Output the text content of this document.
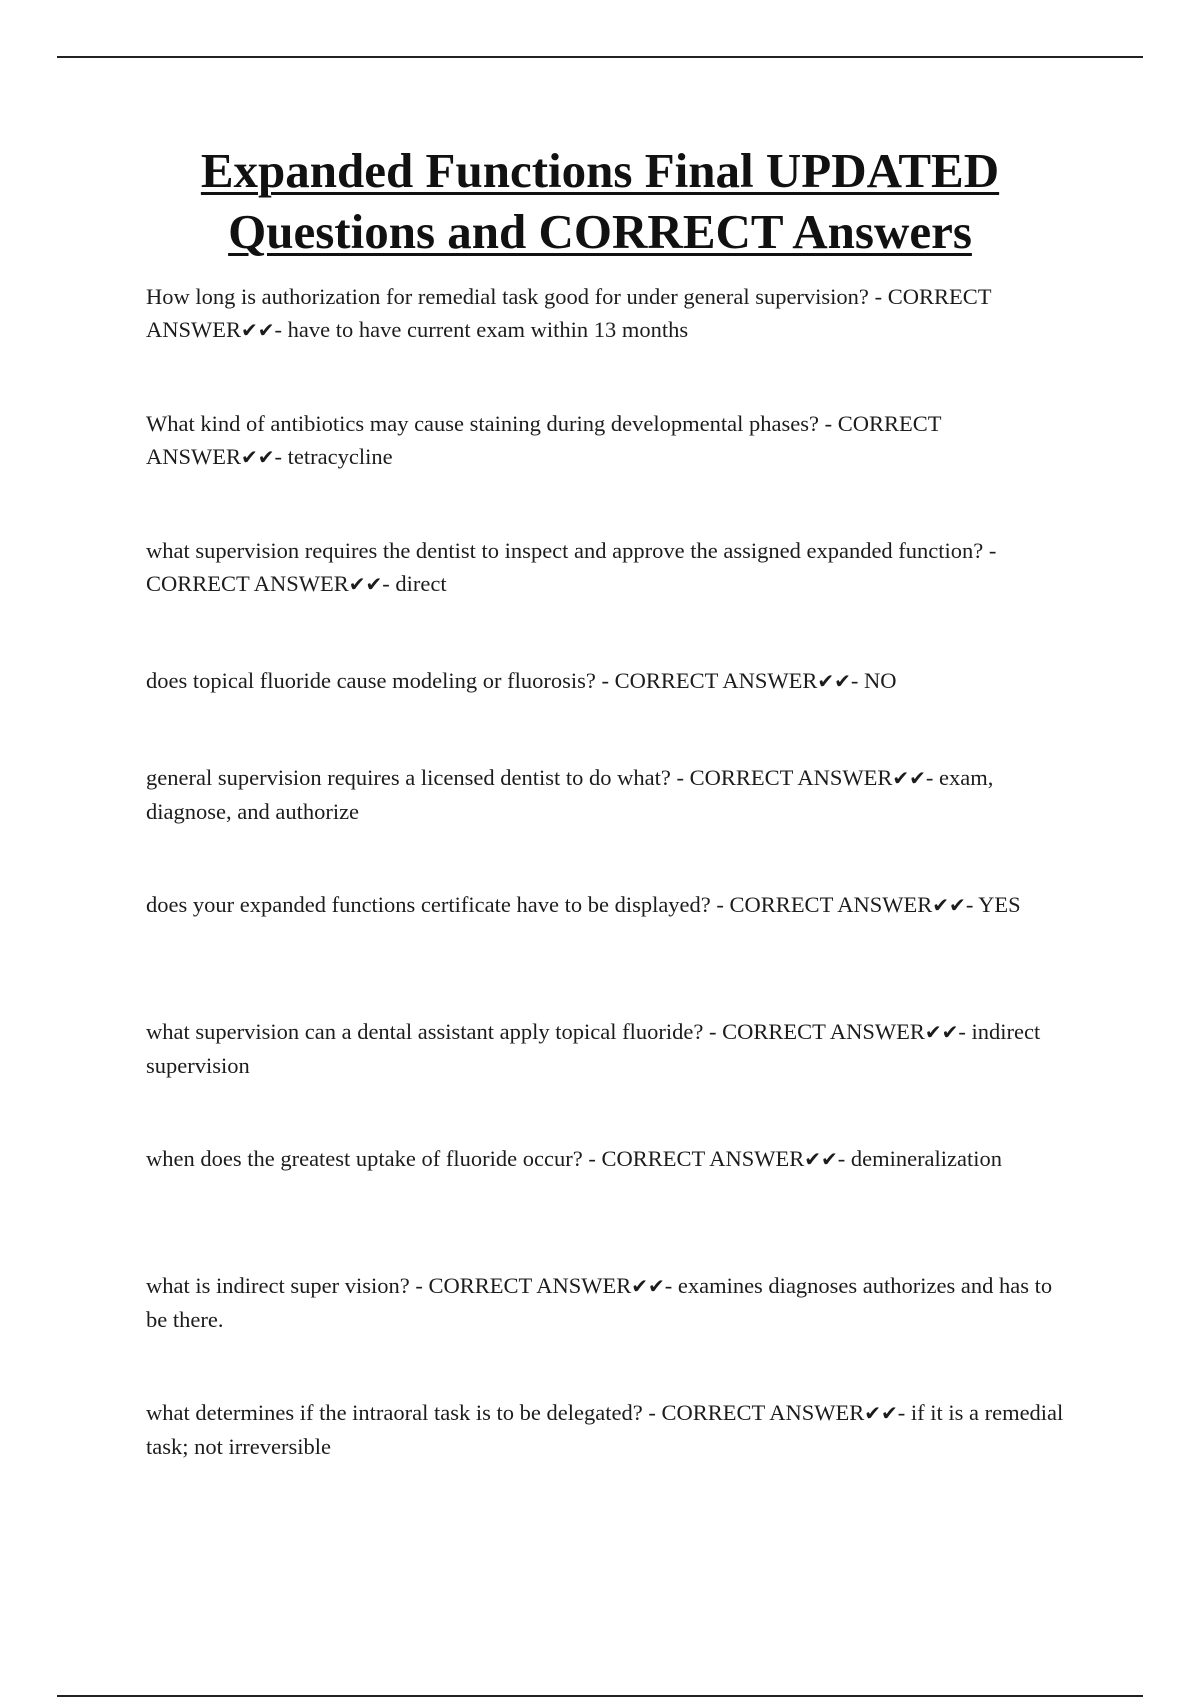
Expanded Functions Final UPDATED
Questions and CORRECT Answers

How long is authorization for remedial task good for under general supervision? - CORRECT ANSWER✔✔- have to have current exam within 13 months

What kind of antibiotics may cause staining during developmental phases? - CORRECT ANSWER✔✔- tetracycline

what supervision requires the dentist to inspect and approve the assigned expanded function? - CORRECT ANSWER✔✔- direct

does topical fluoride cause modeling or fluorosis? - CORRECT ANSWER✔✔- NO

general supervision requires a licensed dentist to do what? - CORRECT ANSWER✔✔- exam, diagnose, and authorize

does your expanded functions certificate have to be displayed? - CORRECT ANSWER✔✔- YES

what supervision can a dental assistant apply topical fluoride? - CORRECT ANSWER✔✔- indirect supervision

when does the greatest uptake of fluoride occur? - CORRECT ANSWER✔✔- demineralization

what is indirect super vision? - CORRECT ANSWER✔✔- examines diagnoses authorizes and has to be there.

what determines if the intraoral task is to be delegated? - CORRECT ANSWER✔✔- if it is a remedial task; not irreversible
